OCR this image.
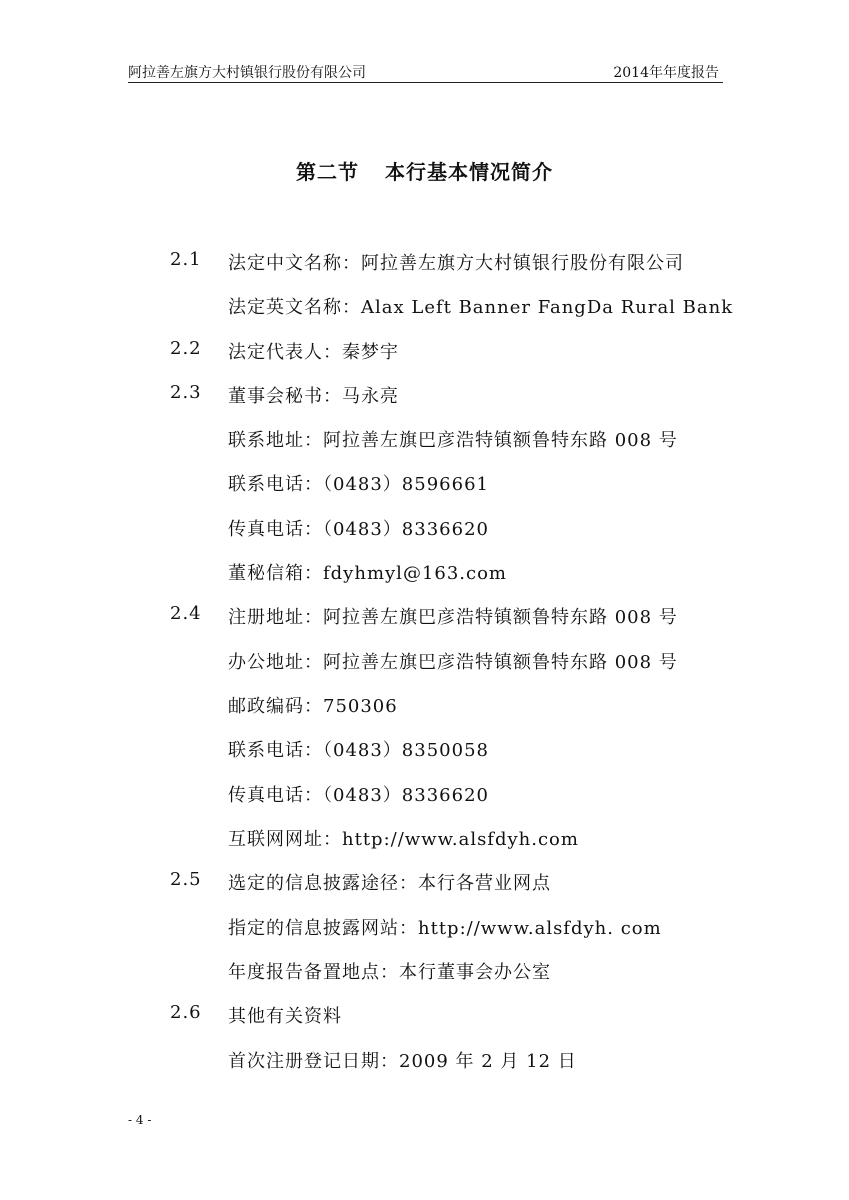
阿拉善左旗方大村镇银行股份有限公司	2014年年度报告
第二节 本行基本情况简介
2.1 法定中文名称：阿拉善左旗方大村镇银行股份有限公司
法定英文名称：Alax Left Banner FangDa Rural Bank
2.2 法定代表人：秦梦宇
2.3 董事会秘书：马永亮
联系地址：阿拉善左旗巴彦浩特镇额鲁特东路 008 号
联系电话：（0483）8596661
传真电话：（0483）8336620
董秘信箱：fdyhmyl@163.com
2.4 注册地址：阿拉善左旗巴彦浩特镇额鲁特东路 008 号
办公地址：阿拉善左旗巴彦浩特镇额鲁特东路 008 号
邮政编码：750306
联系电话：（0483）8350058
传真电话：（0483）8336620
互联网网址：http://www.alsfdyh.com
2.5 选定的信息披露途径：本行各营业网点
指定的信息披露网站：http://www.alsfdyh. com
年度报告备置地点：本行董事会办公室
2.6 其他有关资料
首次注册登记日期：2009 年 2 月 12 日
- 4 -
